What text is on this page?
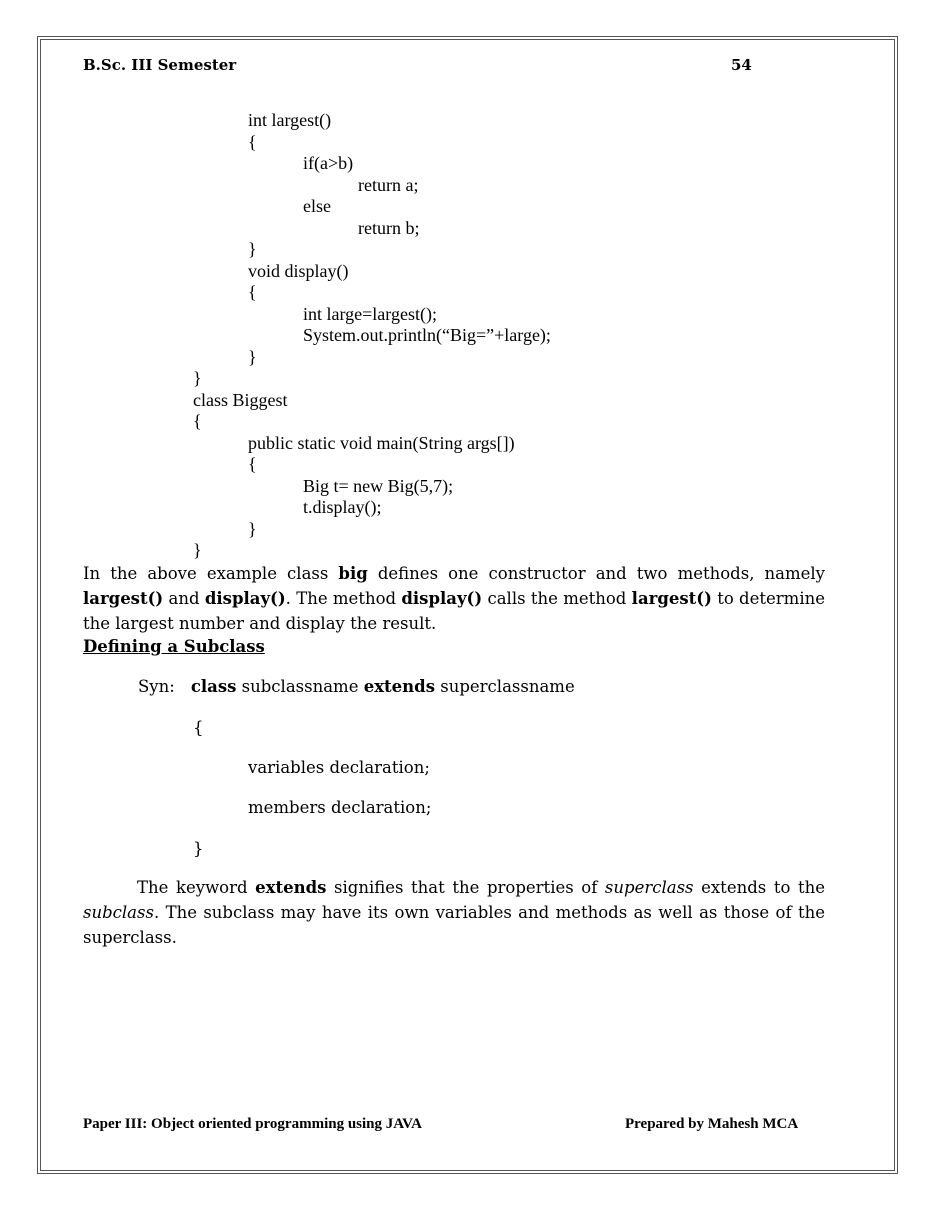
B.Sc. III Semester	54
int largest()
{
if(a>b)
return a;
else
return b;
}
void display()
{
int large=largest();
System.out.println(“Big=”+large);
}
}
class Biggest
{
public static void main(String args[])
{
Big t= new Big(5,7);
t.display();
}
}
In the above example class big defines one constructor and two methods, namely largest() and display(). The method display() calls the method largest() to determine the largest number and display the result.
Defining a Subclass
Syn: class subclassname extends superclassname
{
variables declaration;
members declaration;
}
The keyword extends signifies that the properties of superclass extends to the subclass. The subclass may have its own variables and methods as well as those of the superclass.
Paper III: Object oriented programming using JAVA	Prepared by Mahesh MCA
